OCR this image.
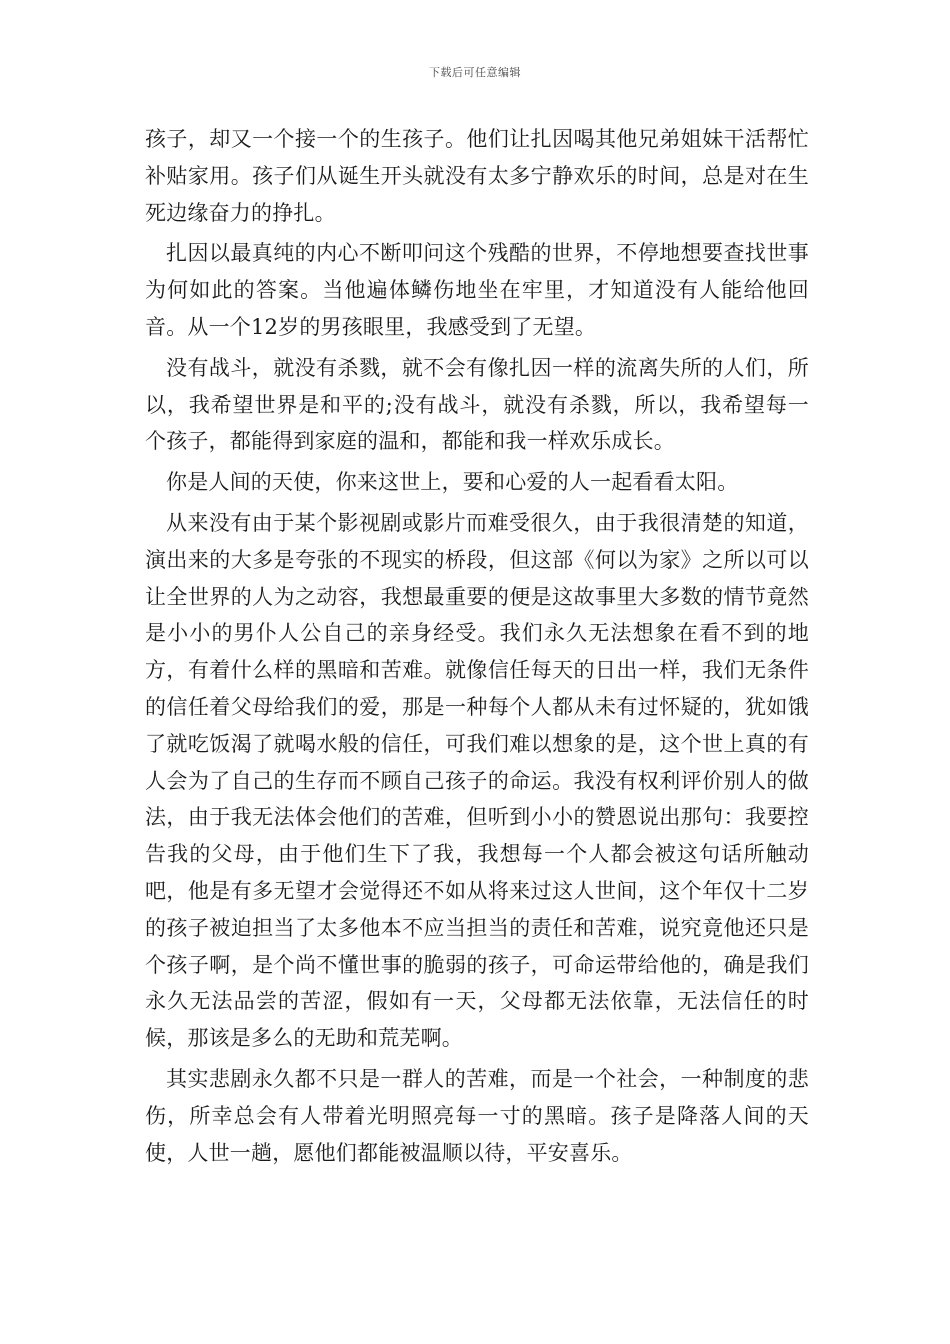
下载后可任意编辑

孩子，却又一个接一个的生孩子。他们让扎因喝其他兄弟姐妹干活帮忙补贴家用。孩子们从诞生开头就没有太多宁静欢乐的时间，总是对在生死边缘奋力的挣扎。

扎因以最真纯的内心不断叩问这个残酷的世界，不停地想要查找世事为何如此的答案。当他遍体鳞伤地坐在牢里，才知道没有人能给他回音。从一个12岁的男孩眼里，我感受到了无望。

没有战斗，就没有杀戮，就不会有像扎因一样的流离失所的人们，所以，我希望世界是和平的;没有战斗，就没有杀戮，所以，我希望每一个孩子，都能得到家庭的温和，都能和我一样欢乐成长。

你是人间的天使，你来这世上，要和心爱的人一起看看太阳。

从来没有由于某个影视剧或影片而难受很久，由于我很清楚的知道，演出来的大多是夸张的不现实的桥段，但这部《何以为家》之所以可以让全世界的人为之动容，我想最重要的便是这故事里大多数的情节竟然是小小的男仆人公自己的亲身经受。我们永久无法想象在看不到的地方，有着什么样的黑暗和苦难。就像信任每天的日出一样，我们无条件的信任着父母给我们的爱，那是一种每个人都从未有过怀疑的，犹如饿了就吃饭渴了就喝水般的信任，可我们难以想象的是，这个世上真的有人会为了自己的生存而不顾自己孩子的命运。我没有权利评价别人的做法，由于我无法体会他们的苦难，但听到小小的赞恩说出那句：我要控告我的父母，由于他们生下了我，我想每一个人都会被这句话所触动吧，他是有多无望才会觉得还不如从将来过这人世间，这个年仅十二岁的孩子被迫担当了太多他本不应当担当的责任和苦难，说究竟他还只是个孩子啊，是个尚不懂世事的脆弱的孩子，可命运带给他的，确是我们永久无法品尝的苦涩，假如有一天，父母都无法依靠，无法信任的时候，那该是多么的无助和荒芜啊。

其实悲剧永久都不只是一群人的苦难，而是一个社会，一种制度的悲伤，所幸总会有人带着光明照亮每一寸的黑暗。孩子是降落人间的天使，人世一趟，愿他们都能被温顺以待，平安喜乐。
